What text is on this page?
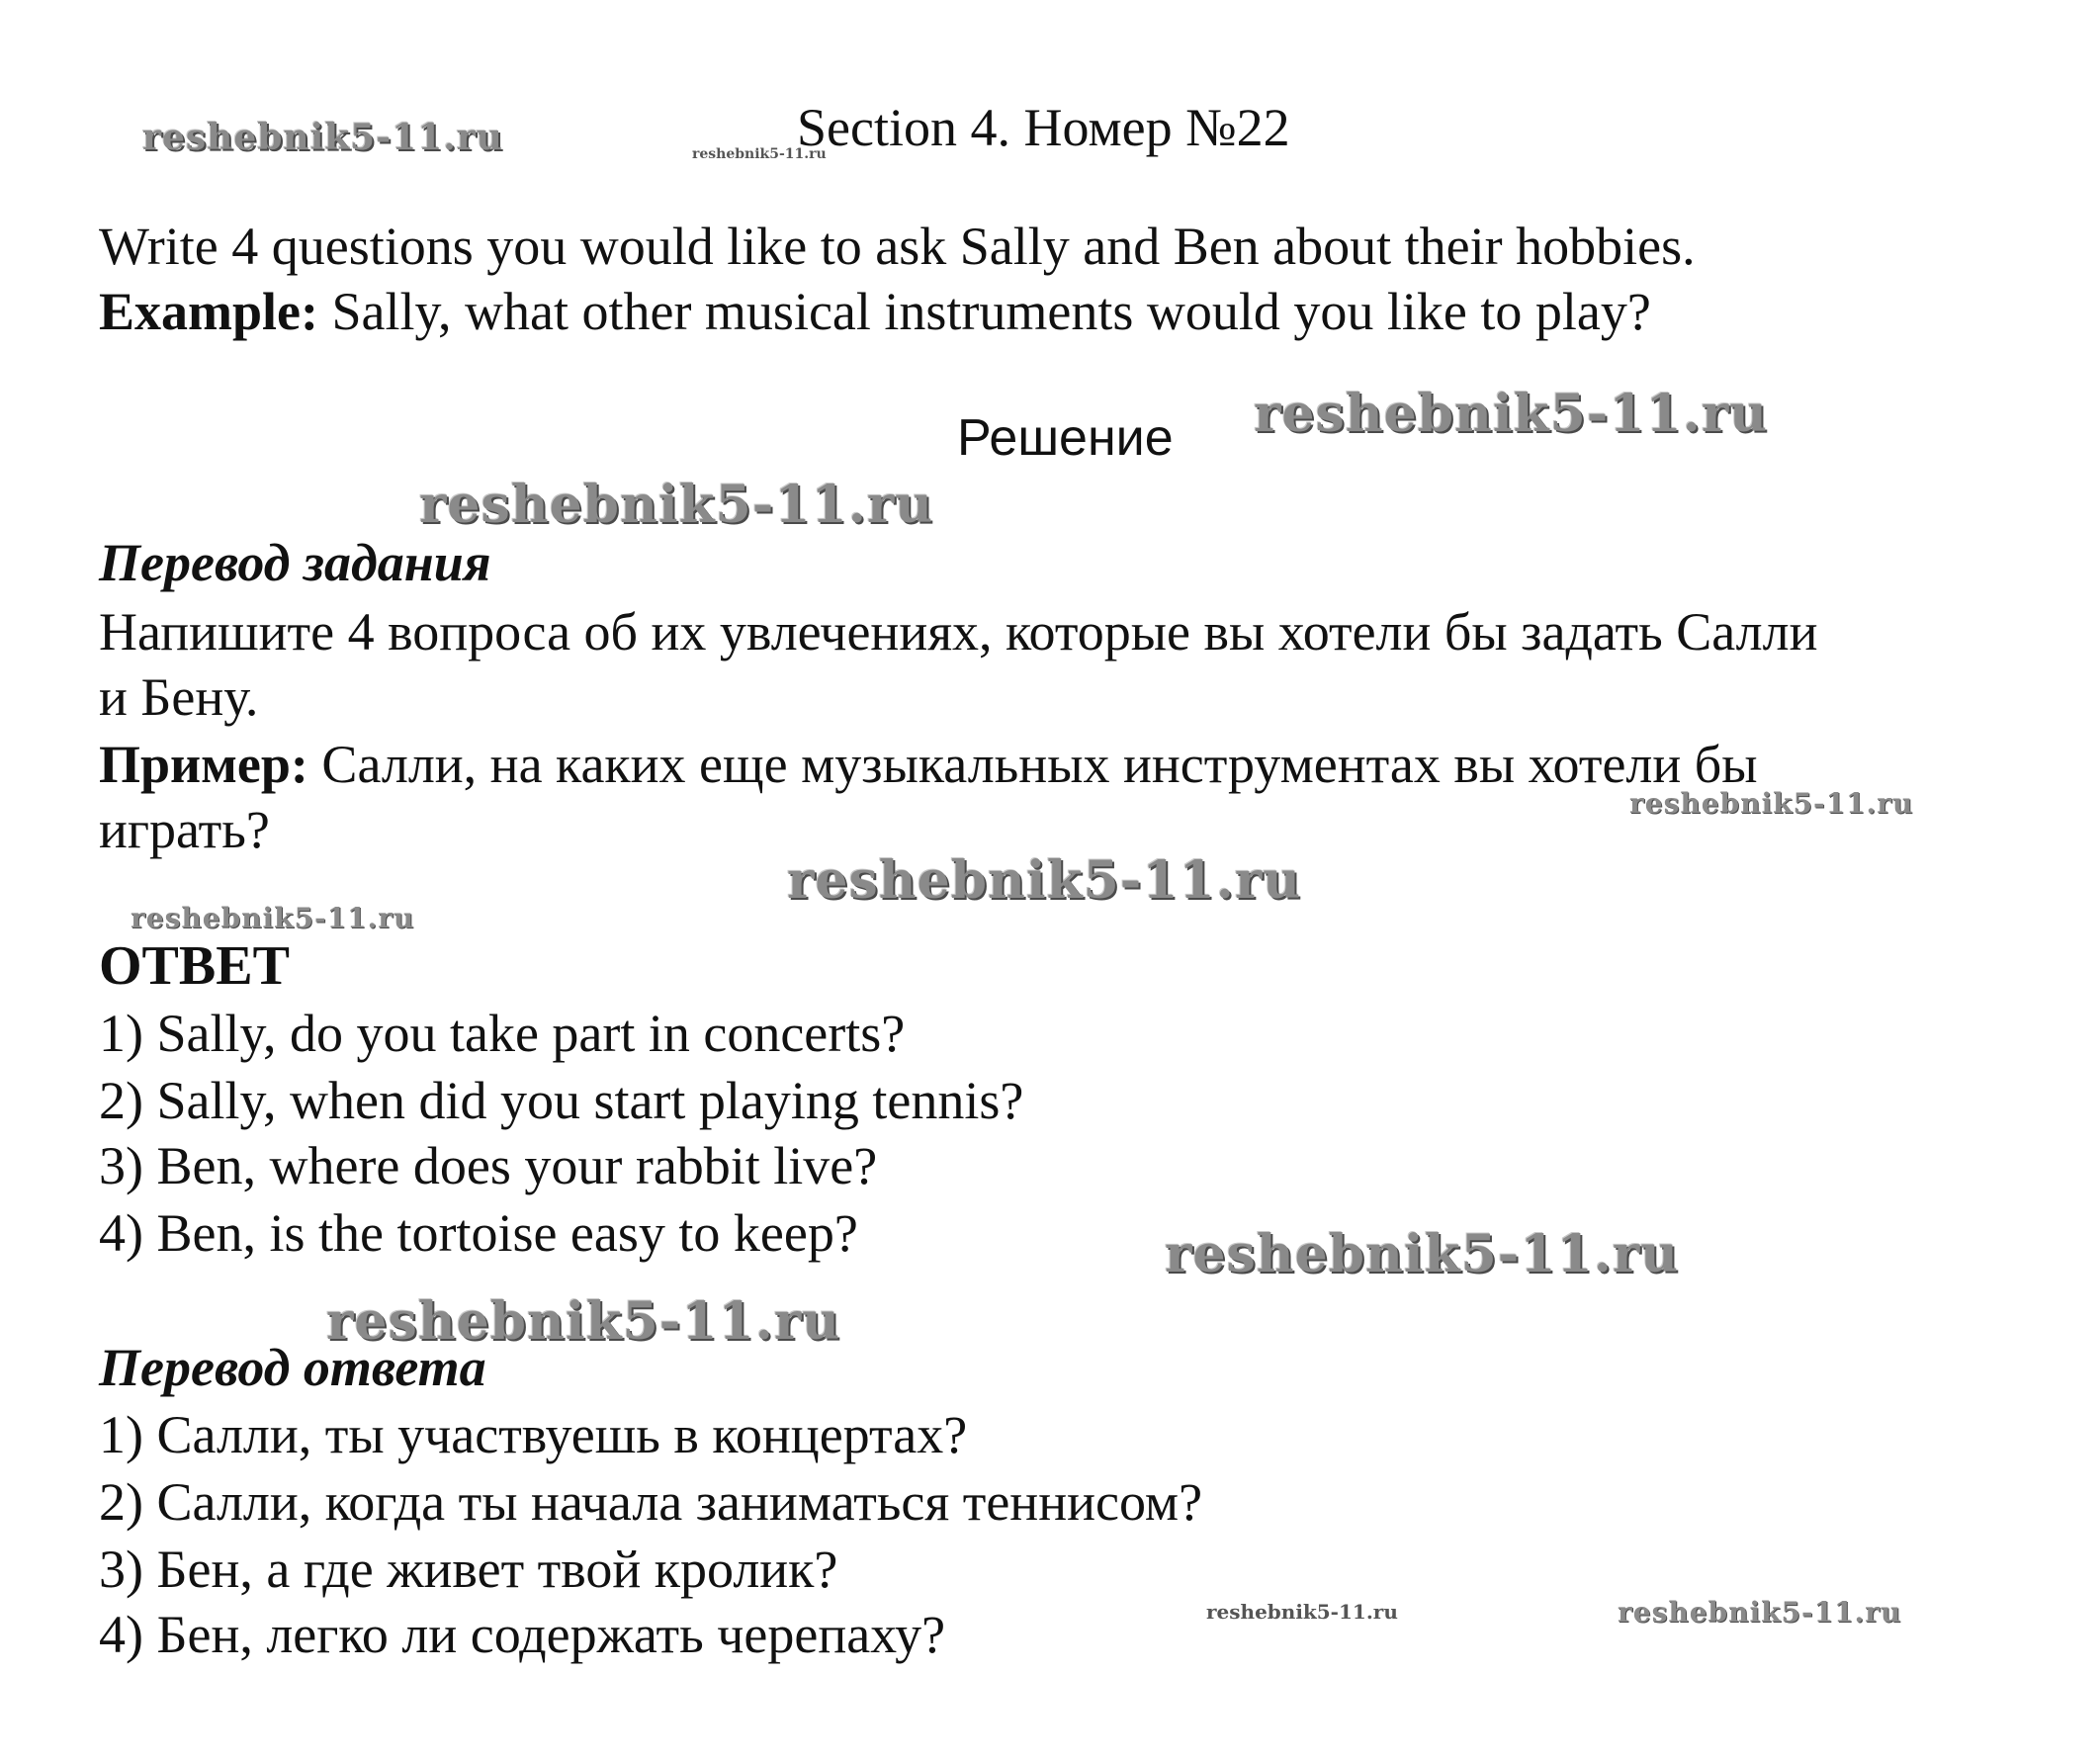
Section 4. Номер №22

Write 4 questions you would like to ask Sally and Ben about their hobbies.

Example: Sally, what other musical instruments would you like to play?

Решение

Перевод задания

Напишите 4 вопроса об их увлечениях, которые вы хотели бы задать Салли

и Бену.

Пример: Салли, на каких еще музыкальных инструментах вы хотели бы

играть?

ОТВЕТ

1) Sally, do you take part in concerts?

2) Sally, when did you start playing tennis?

3) Ben, where does your rabbit live?

4) Ben, is the tortoise easy to keep?

Перевод ответа

1) Салли, ты участвуешь в концертах?

2) Салли, когда ты начала заниматься теннисом?

3) Бен, а где живет твой кролик?

4) Бен, легко ли содержать черепаху?

reshebnik5-11.ru	reshebnik5-11.ru
reshebnik5-11.ru
reshebnik5-11.ru
reshebnik5-11.ru
reshebnik5-11.ru
reshebnik5-11.ru
reshebnik5-11.ru
reshebnik5-11.ru
reshebnik5-11.ru	reshebnik5-11.ru
